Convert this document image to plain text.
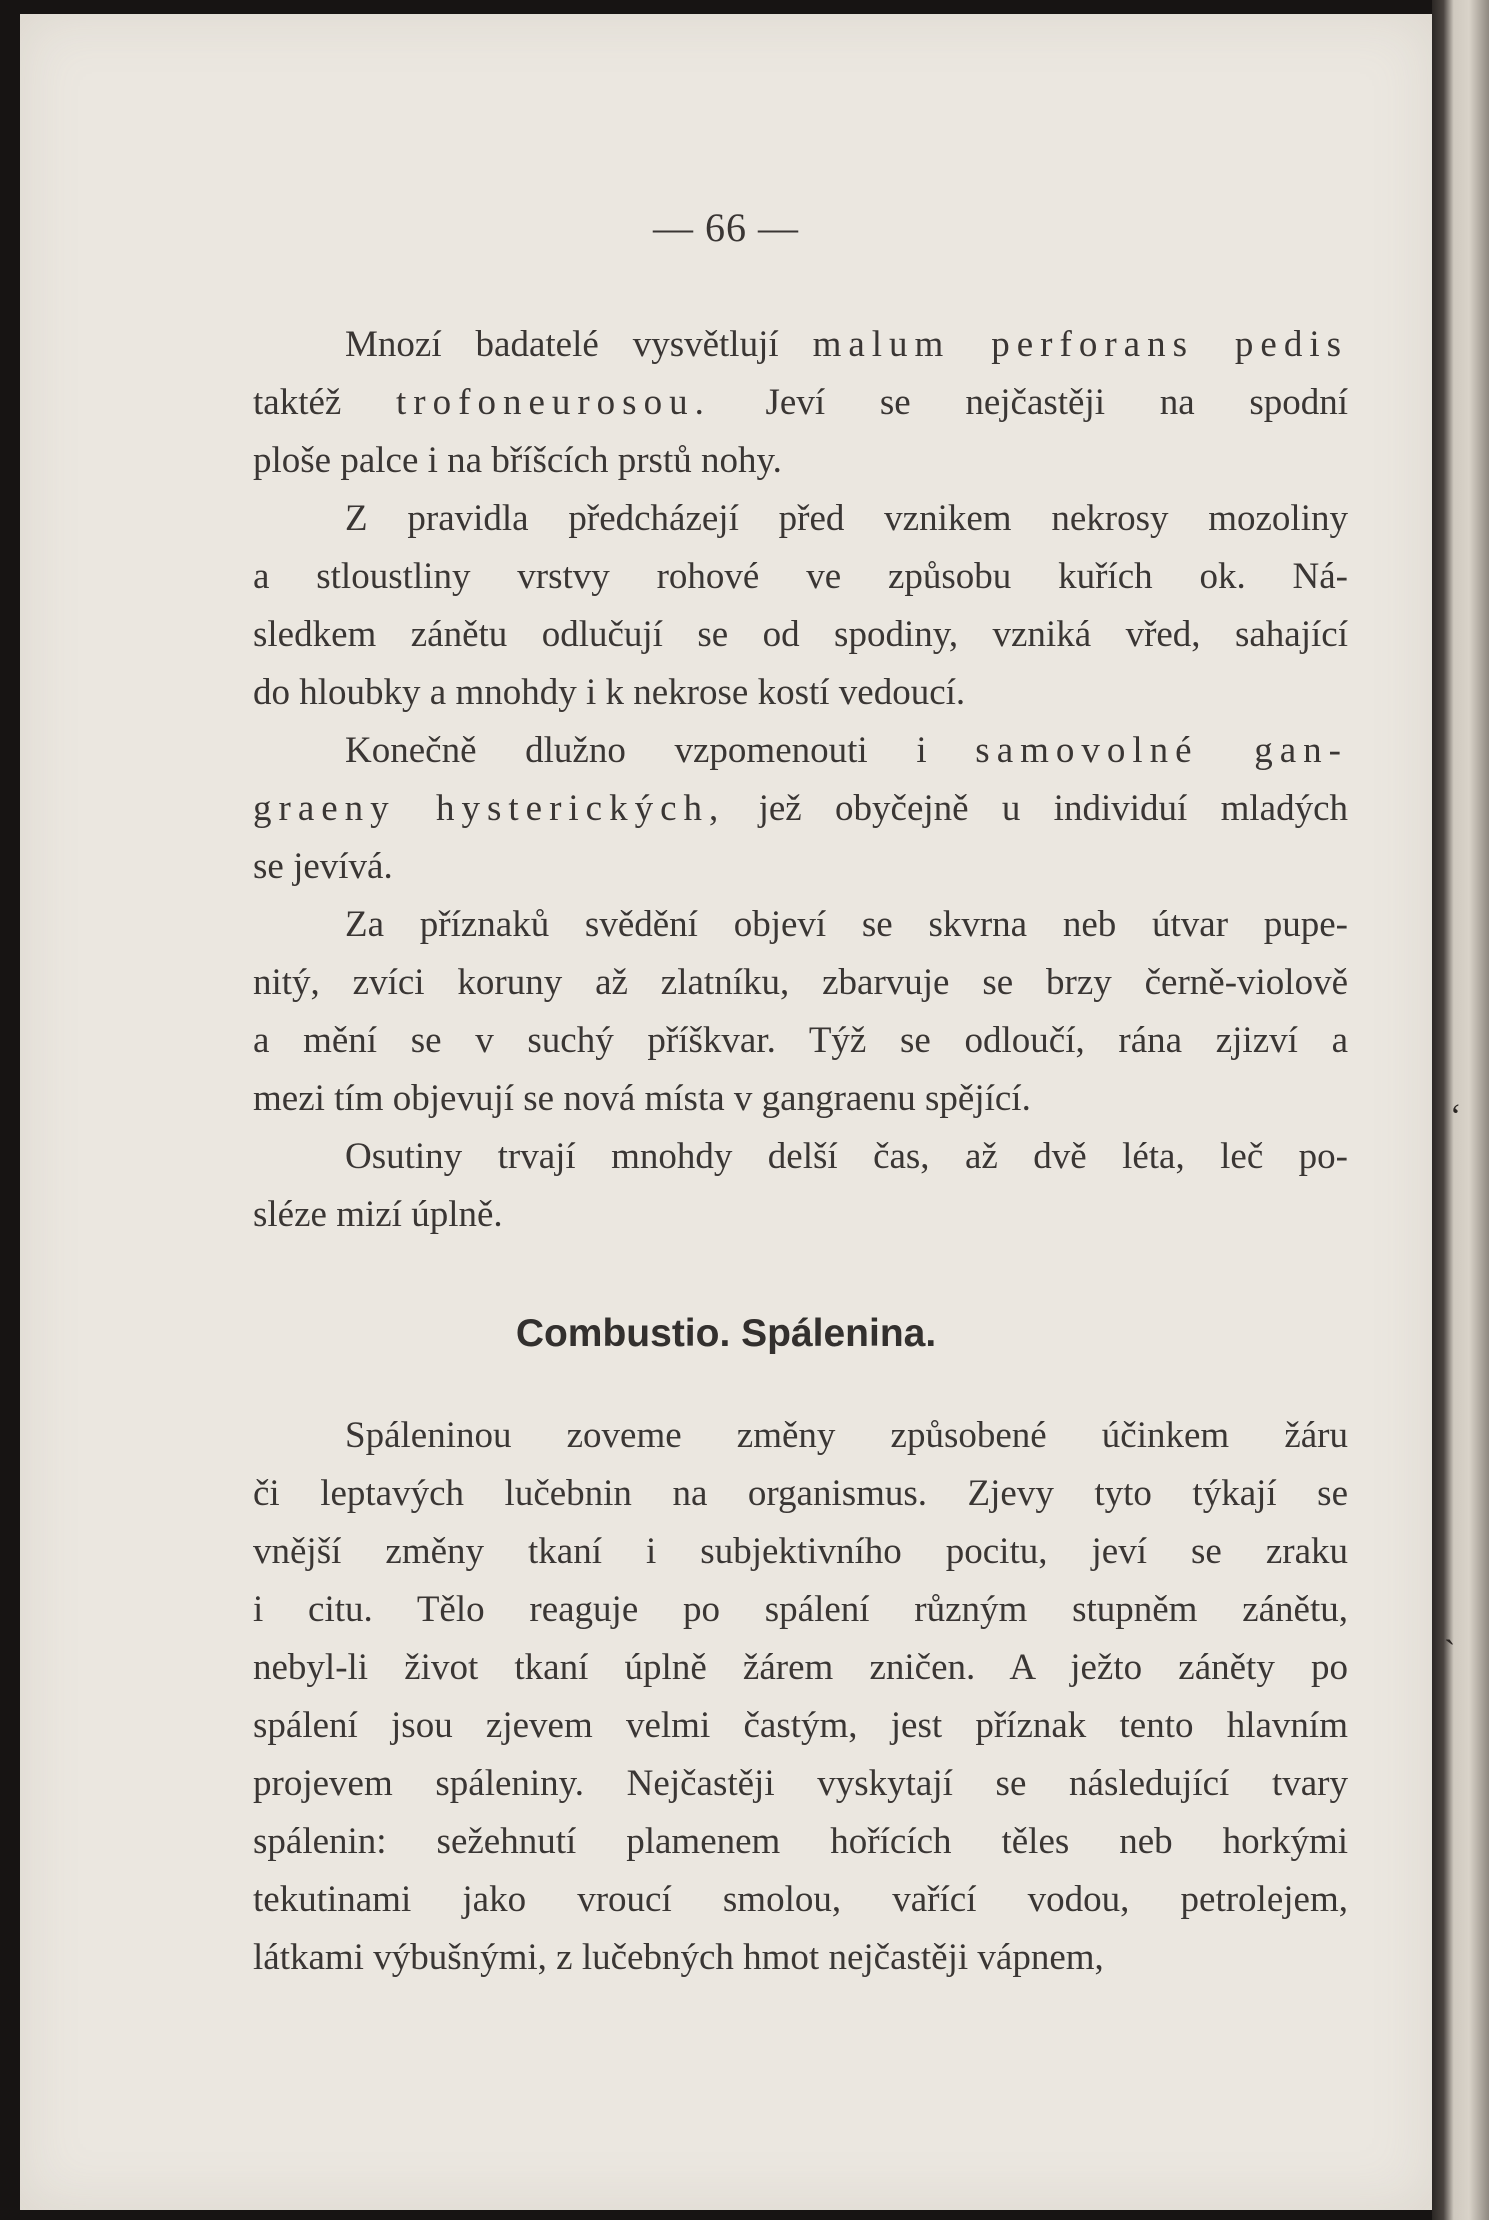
— 66 —
Mnozí badatelé vysvětlují malum perforans pedis
taktéž trofoneurosou. Jeví se nejčastěji na spodní
ploše palce i na bříšcích prstů nohy.
Z pravidla předcházejí před vznikem nekrosy mozoliny
a stloustliny vrstvy rohové ve způsobu kuřích ok. Ná-
sledkem zánětu odlučují se od spodiny, vzniká vřed, sahající
do hloubky a mnohdy i k nekrose kostí vedoucí.
Konečně dlužno vzpomenouti i samovolné gan-
graeny hysterických, jež obyčejně u individuí mladých
se jevívá.
Za příznaků svědění objeví se skvrna neb útvar pupe-
nitý, zvíci koruny až zlatníku, zbarvuje se brzy černě-violově
a mění se v suchý příškvar. Týž se odloučí, rána zjizví a
mezi tím objevují se nová místa v gangraenu spějící.
Osutiny trvají mnohdy delší čas, až dvě léta, leč po-
sléze mizí úplně.
Combustio. Spálenina.
Spáleninou zoveme změny způsobené účinkem žáru
či leptavých lučebnin na organismus. Zjevy tyto týkají se
vnější změny tkaní i subjektivního pocitu, jeví se zraku
i citu. Tělo reaguje po spálení různým stupněm zánětu,
nebyl-li život tkaní úplně žárem zničen. A ježto záněty po
spálení jsou zjevem velmi častým, jest příznak tento hlavním
projevem spáleniny. Nejčastěji vyskytají se následující tvary
spálenin: sežehnutí plamenem hořících těles neb horkými
tekutinami jako vroucí smolou, vařící vodou, petrolejem,
látkami výbušnými, z lučebných hmot nejčastěji vápnem,
ʻ
ˏ
